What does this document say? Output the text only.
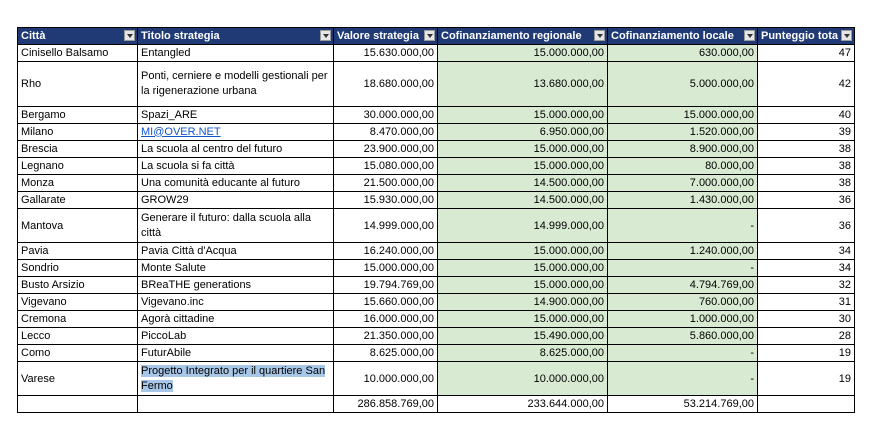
Città	Titolo strategia	Valore strategia	Cofinanziamento regionale	Cofinanziamento locale	Punteggio tota

Cinisello Balsamo	Entangled	15.630.000,00	15.000.000,00	630.000,00	47
Rho	Ponti, cerniere e modelli gestionali per la rigenerazione urbana	18.680.000,00	13.680.000,00	5.000.000,00	42
Bergamo	Spazi_ARE	30.000.000,00	15.000.000,00	15.000.000,00	40
Milano	MI@OVER.NET	8.470.000,00	6.950.000,00	1.520.000,00	39
Brescia	La scuola al centro del futuro	23.900.000,00	15.000.000,00	8.900.000,00	38
Legnano	La scuola si fa città	15.080.000,00	15.000.000,00	80.000,00	38
Monza	Una comunità educante al futuro	21.500.000,00	14.500.000,00	7.000.000,00	38
Gallarate	GROW29	15.930.000,00	14.500.000,00	1.430.000,00	36
Mantova	Generare il futuro: dalla scuola alla città	14.999.000,00	14.999.000,00	-	36
Pavia	Pavia Città d'Acqua	16.240.000,00	15.000.000,00	1.240.000,00	34
Sondrio	Monte Salute	15.000.000,00	15.000.000,00	-	34
Busto Arsizio	BReaTHE generations	19.794.769,00	15.000.000,00	4.794.769,00	32
Vigevano	Vigevano.inc	15.660.000,00	14.900.000,00	760.000,00	31
Cremona	Agorà cittadine	16.000.000,00	15.000.000,00	1.000.000,00	30
Lecco	PiccoLab	21.350.000,00	15.490.000,00	5.860.000,00	28
Como	FuturAbile	8.625.000,00	8.625.000,00	-	19
Varese	Progetto Integrato per il quartiere San Fermo	10.000.000,00	10.000.000,00	-	19
		286.858.769,00	233.644.000,00	53.214.769,00	
